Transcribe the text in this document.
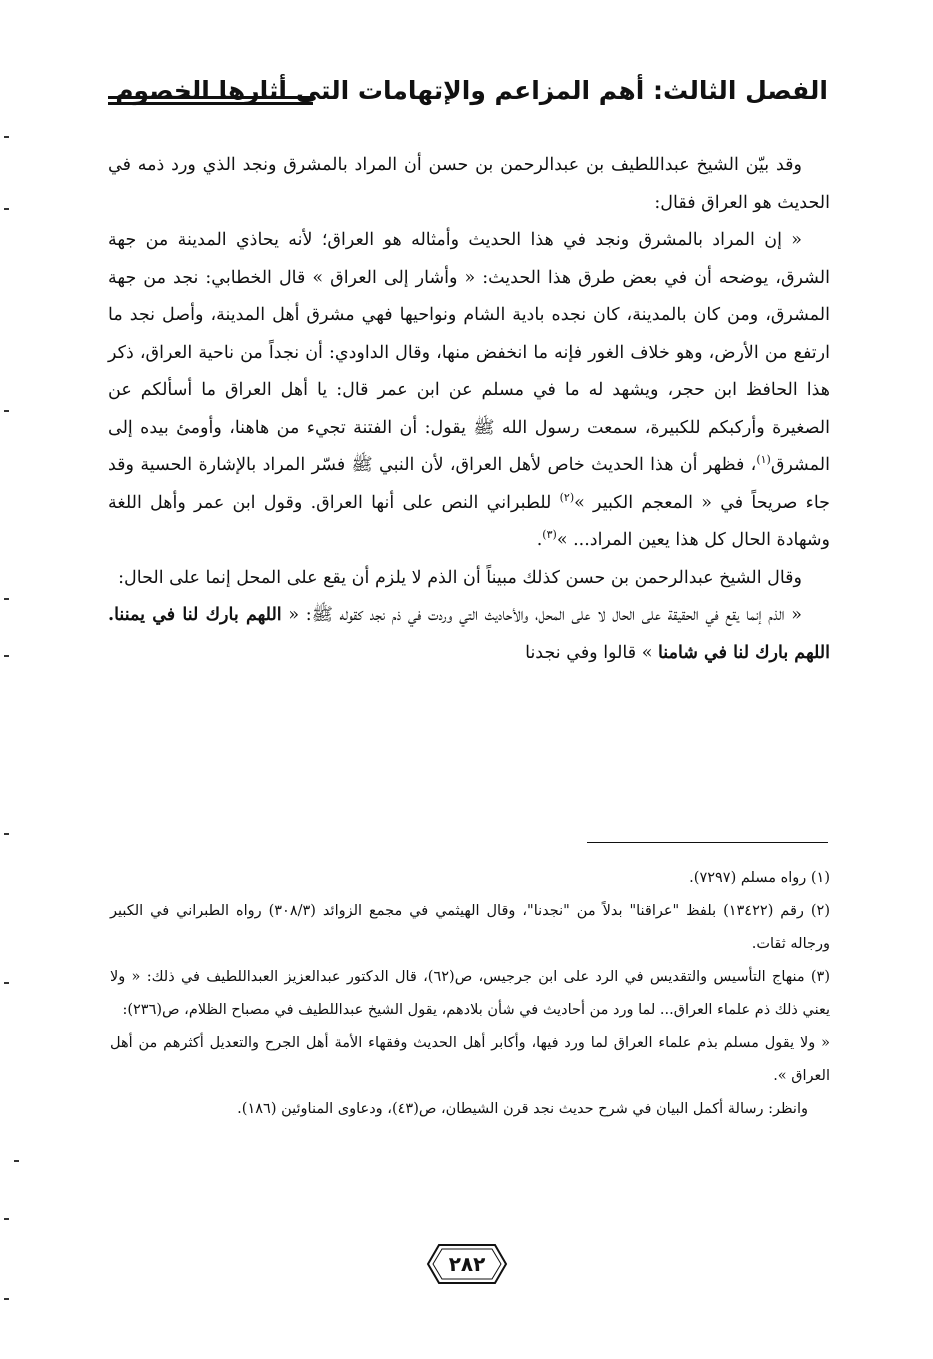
الفصل الثالث: أهم المزاعم والإتهامات التي أثارها الخصوم

وقد بيّن الشيخ عبداللطيف بن عبدالرحمن بن حسن أن المراد بالمشرق ونجد الذي ورد ذمه في الحديث هو العراق فقال:

« إن المراد بالمشرق ونجد في هذا الحديث وأمثاله هو العراق؛ لأنه يحاذي المدينة من جهة الشرق، يوضحه أن في بعض طرق هذا الحديث: « وأشار إلى العراق » قال الخطابي: نجد من جهة المشرق، ومن كان بالمدينة، كان نجده بادية الشام ونواحيها فهي مشرق أهل المدينة، وأصل نجد ما ارتفع من الأرض، وهو خلاف الغور فإنه ما انخفض منها، وقال الداودي: أن نجداً من ناحية العراق، ذكر هذا الحافظ ابن حجر، ويشهد له ما في مسلم عن ابن عمر قال: يا أهل العراق ما أسألكم عن الصغيرة وأركبكم للكبيرة، سمعت رسول الله ﷺ يقول: أن الفتنة تجيء من هاهنا، وأومئ بيده إلى المشرق$^{(١)}$، فظهر أن هذا الحديث خاص لأهل العراق، لأن النبي ﷺ فسّر المراد بالإشارة الحسية وقد جاء صريحاً في « المعجم الكبير »$^{(٢)}$ للطبراني النص على أنها العراق. وقول ابن عمر وأهل اللغة وشهادة الحال كل هذا يعين المراد... »$^{(٣)}$.

وقال الشيخ عبدالرحمن بن حسن كذلك مبيناً أن الذم لا يلزم أن يقع على المحل إنما على الحال:

« الذم إنما يقع في الحقيقة على الحال لا على المحل، والأحاديث التي وردت في ذم نجد كقوله ﷺ: « اللهم بارك لنا في يمننا. اللهم بارك لنا في شامنا » قالوا وفي نجدنا

(١) رواه مسلم (٧٢٩٧).

(٢) رقم (١٣٤٢٢) بلفظ "عراقنا" بدلاً من "نجدنا"، وقال الهيثمي في مجمع الزوائد (٣٠٨/٣) رواه الطبراني في الكبير ورجاله ثقات.

(٣) منهاج التأسيس والتقديس في الرد على ابن جرجيس، ص(٦٢)، قال الدكتور عبدالعزيز العبداللطيف في ذلك: « ولا يعني ذلك ذم علماء العراق... لما ورد من أحاديث في شأن بلادهم، يقول الشيخ عبداللطيف في مصباح الظلام، ص(٢٣٦):

« ولا يقول مسلم بذم علماء العراق لما ورد فيها، وأكابر أهل الحديث وفقهاء الأمة أهل الجرح والتعديل أكثرهم من أهل العراق ».

وانظر: رسالة أكمل البيان في شرح حديث نجد قرن الشيطان، ص(٤٣)، ودعاوى المناوئين (١٨٦).

٢٨٢
